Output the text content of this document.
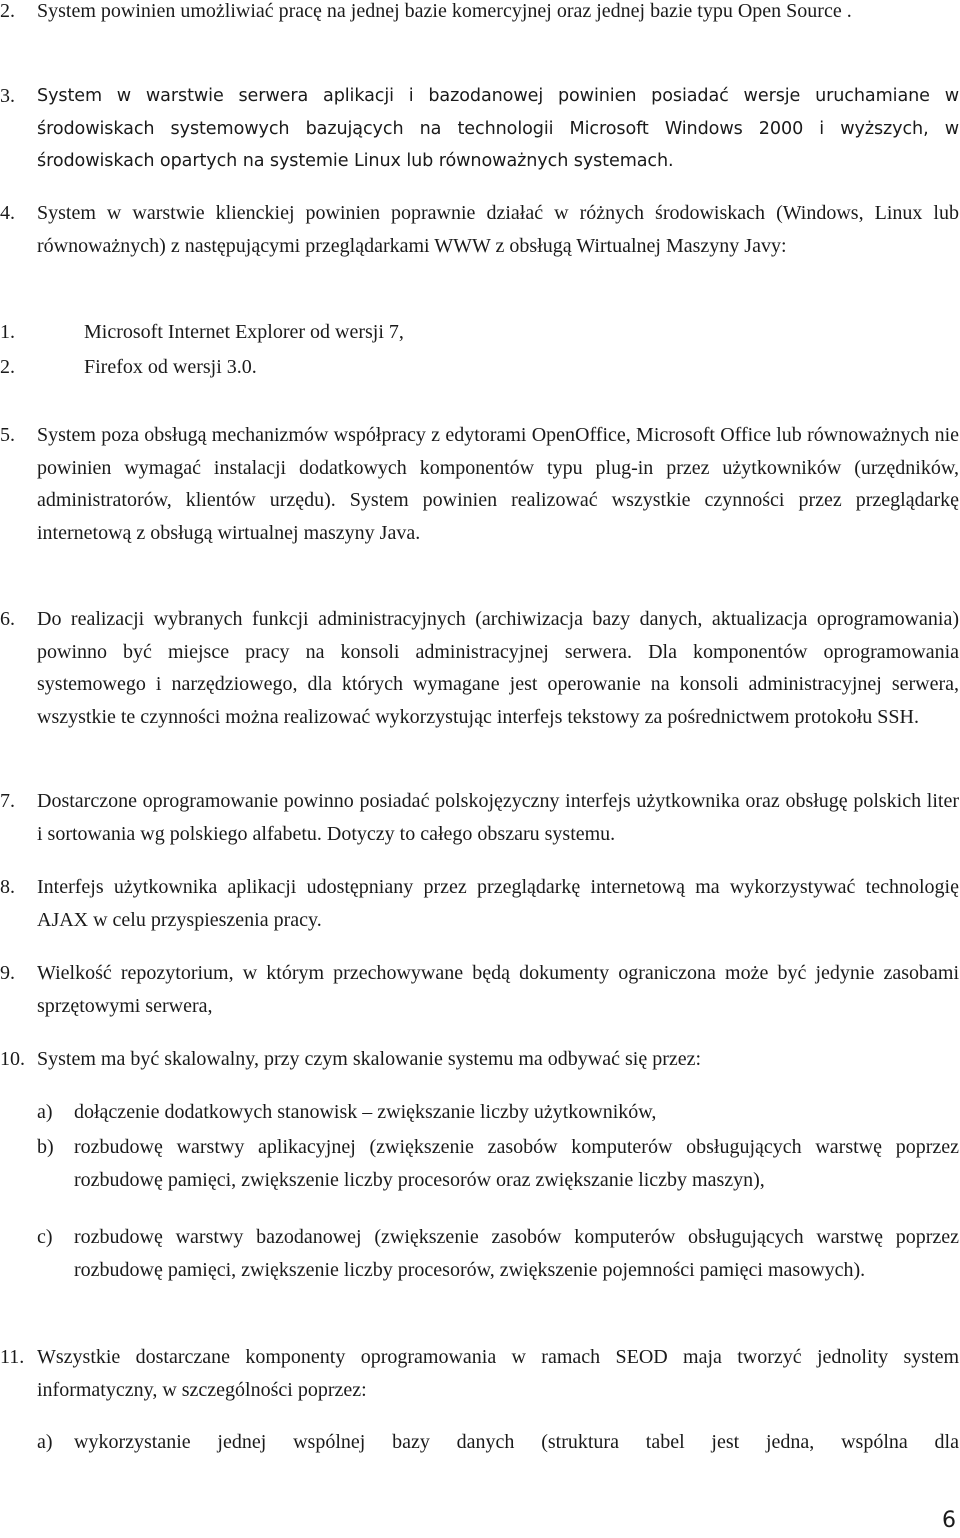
2. System powinien umożliwiać pracę na jednej bazie komercyjnej oraz jednej bazie typu Open Source .
3. System w warstwie serwera aplikacji i bazodanowej powinien posiadać wersje uruchamiane w środowiskach systemowych bazujących na technologii Microsoft Windows 2000 i wyższych, w środowiskach opartych na systemie Linux lub równoważnych systemach.
4. System w warstwie klienckiej powinien poprawnie działać w różnych środowiskach (Windows, Linux lub równoważnych) z następującymi przeglądarkami WWW z obsługą Wirtualnej Maszyny Javy:
1.	Microsoft Internet Explorer od wersji 7,
2.	Firefox od wersji 3.0.
5. System poza obsługą mechanizmów współpracy z edytorami OpenOffice, Microsoft Office lub równoważnych nie powinien wymagać instalacji dodatkowych komponentów typu plug-in przez użytkowników (urzędników, administratorów, klientów urzędu). System powinien realizować wszystkie czynności przez przeglądarkę internetową z obsługą wirtualnej maszyny Java.
6. Do realizacji wybranych funkcji administracyjnych (archiwizacja bazy danych, aktualizacja oprogramowania) powinno być miejsce pracy na konsoli administracyjnej serwera. Dla komponentów oprogramowania systemowego i narzędziowego, dla których wymagane jest operowanie na konsoli administracyjnej serwera, wszystkie te czynności można realizować wykorzystując interfejs tekstowy za pośrednictwem protokołu SSH.
7. Dostarczone oprogramowanie powinno posiadać polskojęzyczny interfejs użytkownika oraz obsługę polskich liter i sortowania wg polskiego alfabetu. Dotyczy to całego obszaru systemu.
8. Interfejs użytkownika aplikacji udostępniany przez przeglądarkę internetową ma wykorzystywać technologię AJAX w celu przyspieszenia pracy.
9. Wielkość repozytorium, w którym przechowywane będą dokumenty ograniczona może być jedynie zasobami sprzętowymi serwera,
10. System ma być skalowalny, przy czym skalowanie systemu ma odbywać się przez:
a) dołączenie dodatkowych stanowisk – zwiększanie liczby użytkowników,
b) rozbudowę warstwy aplikacyjnej (zwiększenie zasobów komputerów obsługujących warstwę poprzez rozbudowę pamięci, zwiększenie liczby procesorów oraz zwiększanie liczby maszyn),
c) rozbudowę warstwy bazodanowej (zwiększenie zasobów komputerów obsługujących warstwę poprzez rozbudowę pamięci, zwiększenie liczby procesorów, zwiększenie pojemności pamięci masowych).
11. Wszystkie dostarczane komponenty oprogramowania w ramach SEOD maja tworzyć jednolity system informatyczny, w szczególności poprzez:
a) wykorzystanie jednej wspólnej bazy danych (struktura tabel jest jedna, wspólna dla
6
